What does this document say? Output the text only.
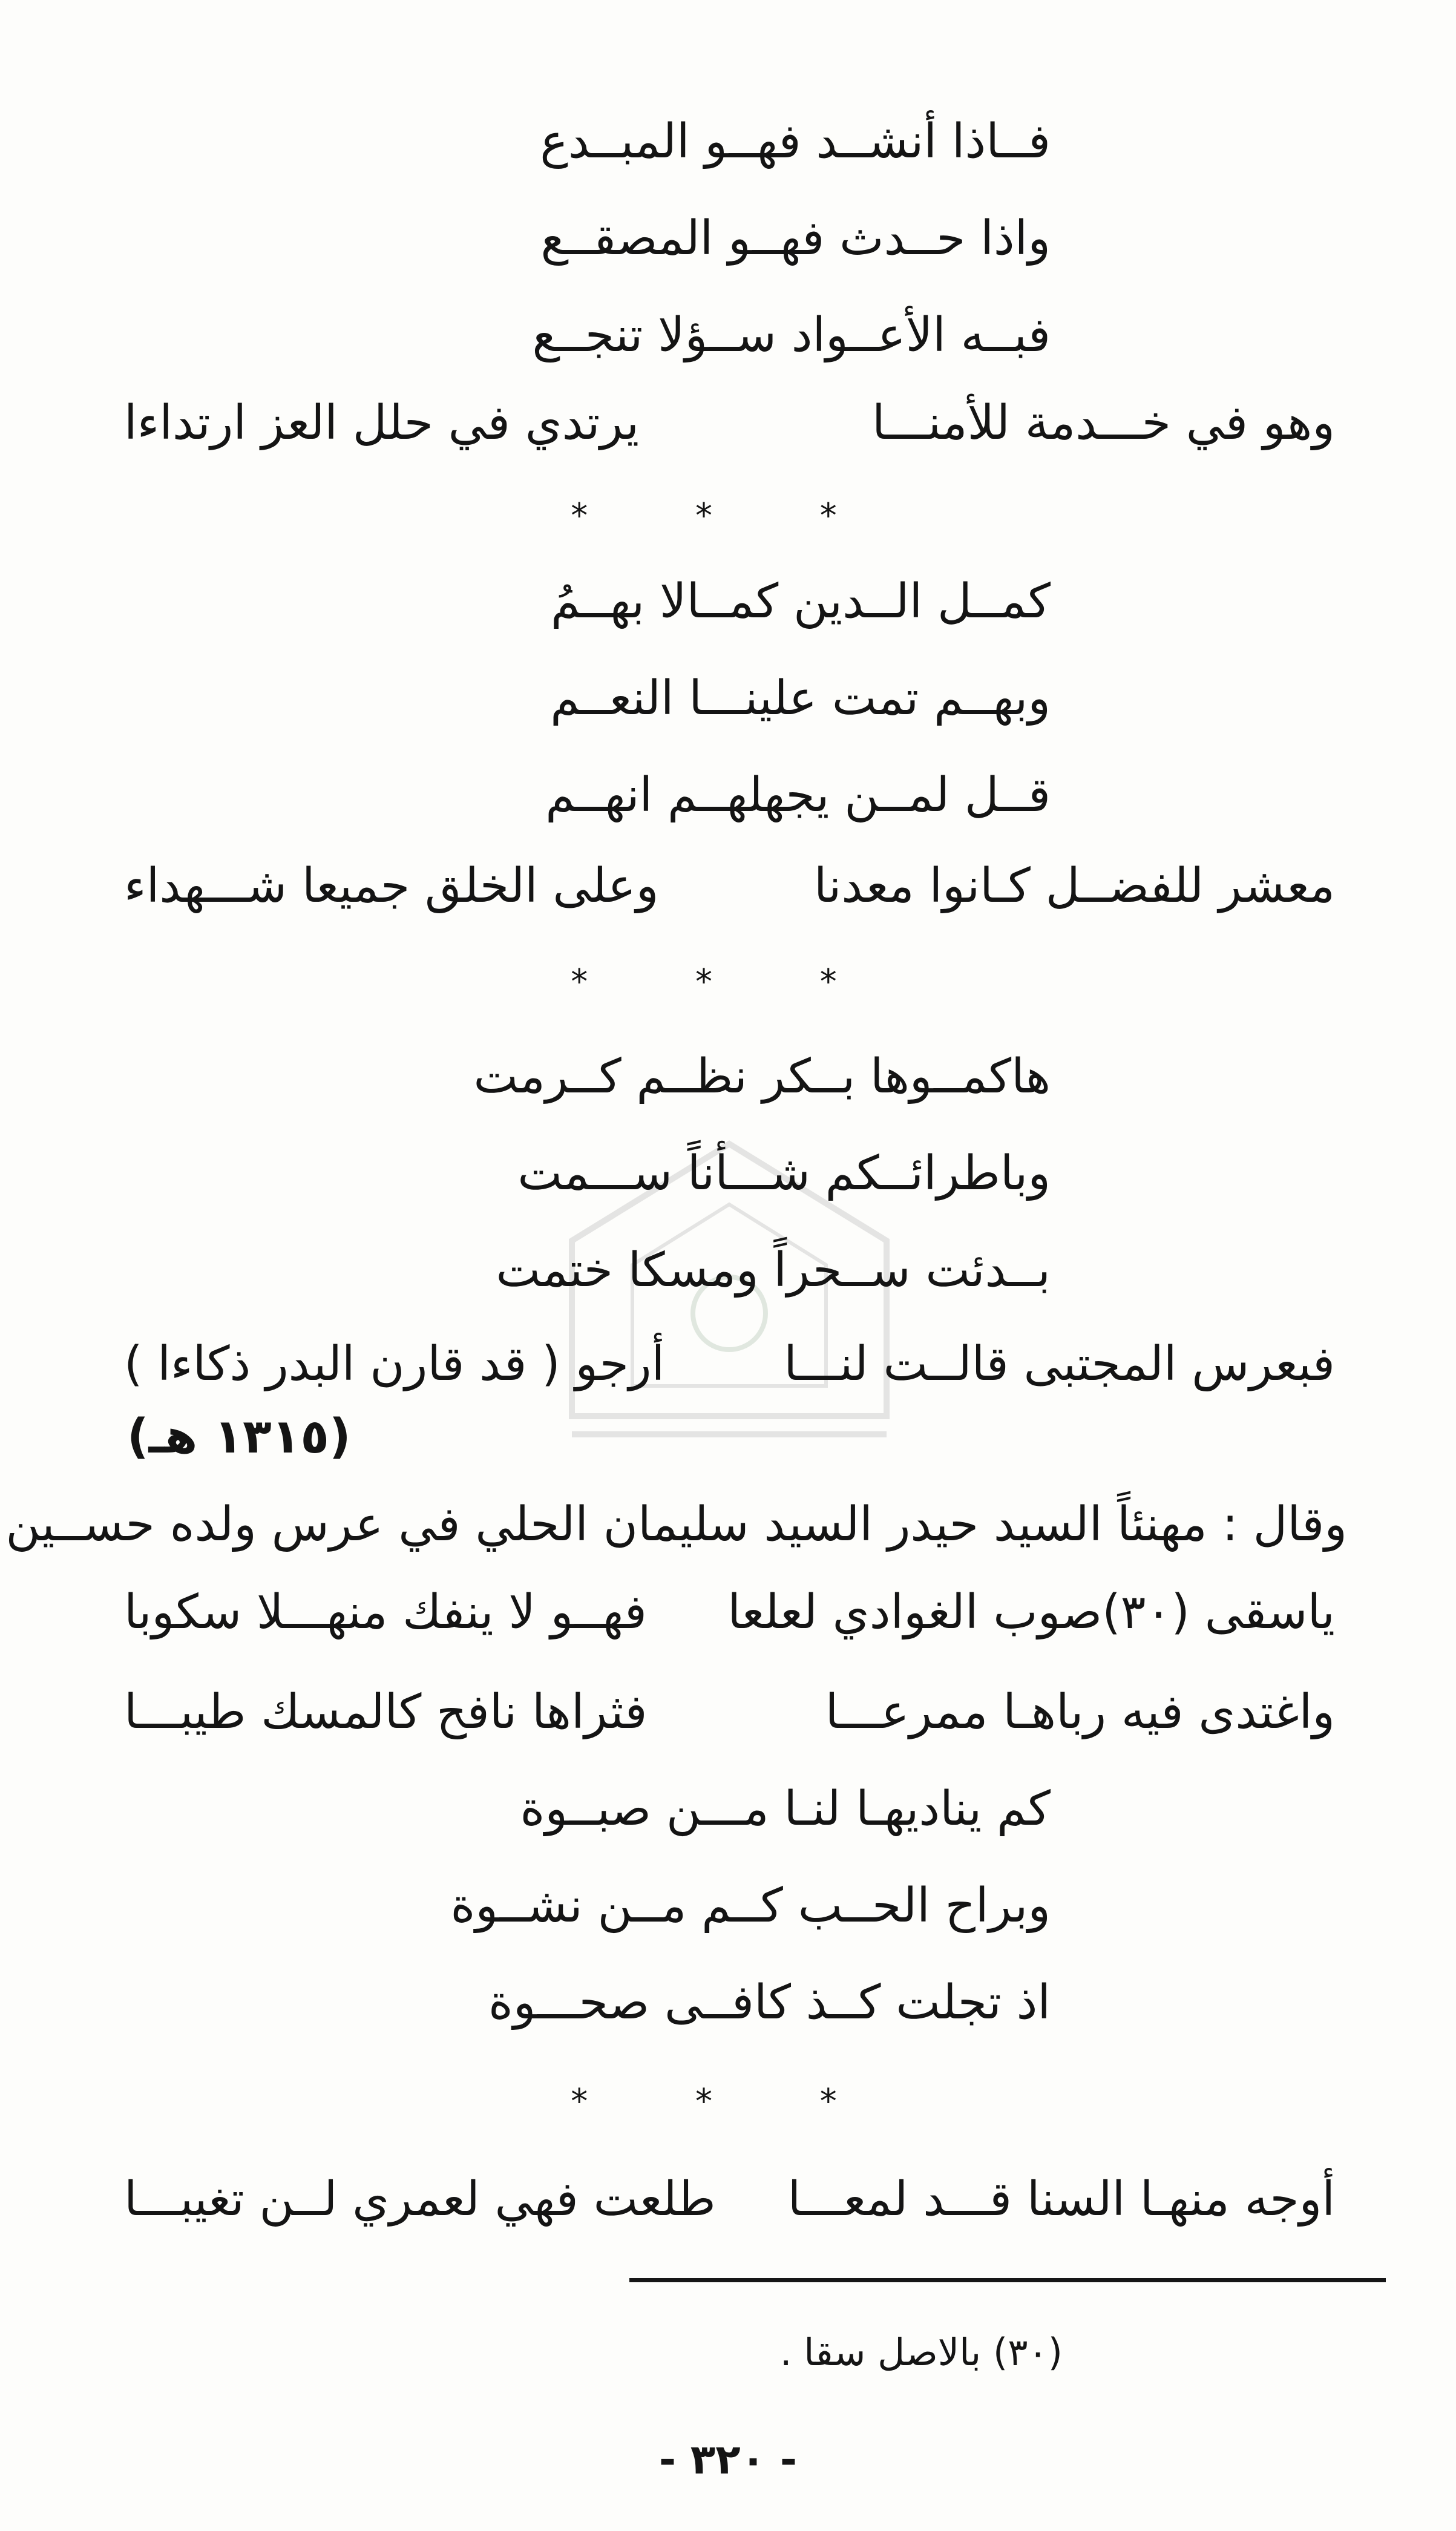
فــاذا أنشــد فهــو المبــدع
واذا حــدث فهــو المصقــع
فبــه الأعــواد ســؤلا تنجــع
وهو في خـــدمة للأمنـــا
يرتدي في حلل العز ارتداءا
* * *
كمــل الــدين كمــالا بهــمُ
وبهــم تمت علينـــا النعــم
قــل لمــن يجهلهــم انهــم
معشر للفضــل كـانوا معدنا
وعلى الخلق جميعا شـــهداء
* * *
هاكمــوها بــكر نظــم كــرمت
وباطرائــكم شـــأناً ســـمت
بــدئت ســحراً ومسكا ختمت
فبعرس المجتبى قالــت لنـــا
أرجو ( قد قارن البدر ذكاءا )
(١٣١٥ هـ)
وقال : مهنئاً السيد حيدر السيد سليمان الحلي في عرس ولده حســين
ياسقى (٣٠)صوب الغوادي لعلعا
فهــو لا ينفك منهـــلا سكوبا
واغتدى فيه رباهـا ممرعـــا
فثراها نافح كالمسك طيبـــا
كم يناديهـا لنـا مـــن صبــوة
وبراح الحــب كــم مــن نشــوة
اذ تجلت كــذ كافــى صحـــوة
* * *
أوجه منهـا السنا قـــد لمعـــا
طلعت فهي لعمري لــن تغيبـــا
(٣٠) بالاصل سقا .
- ٣٢٠ -
